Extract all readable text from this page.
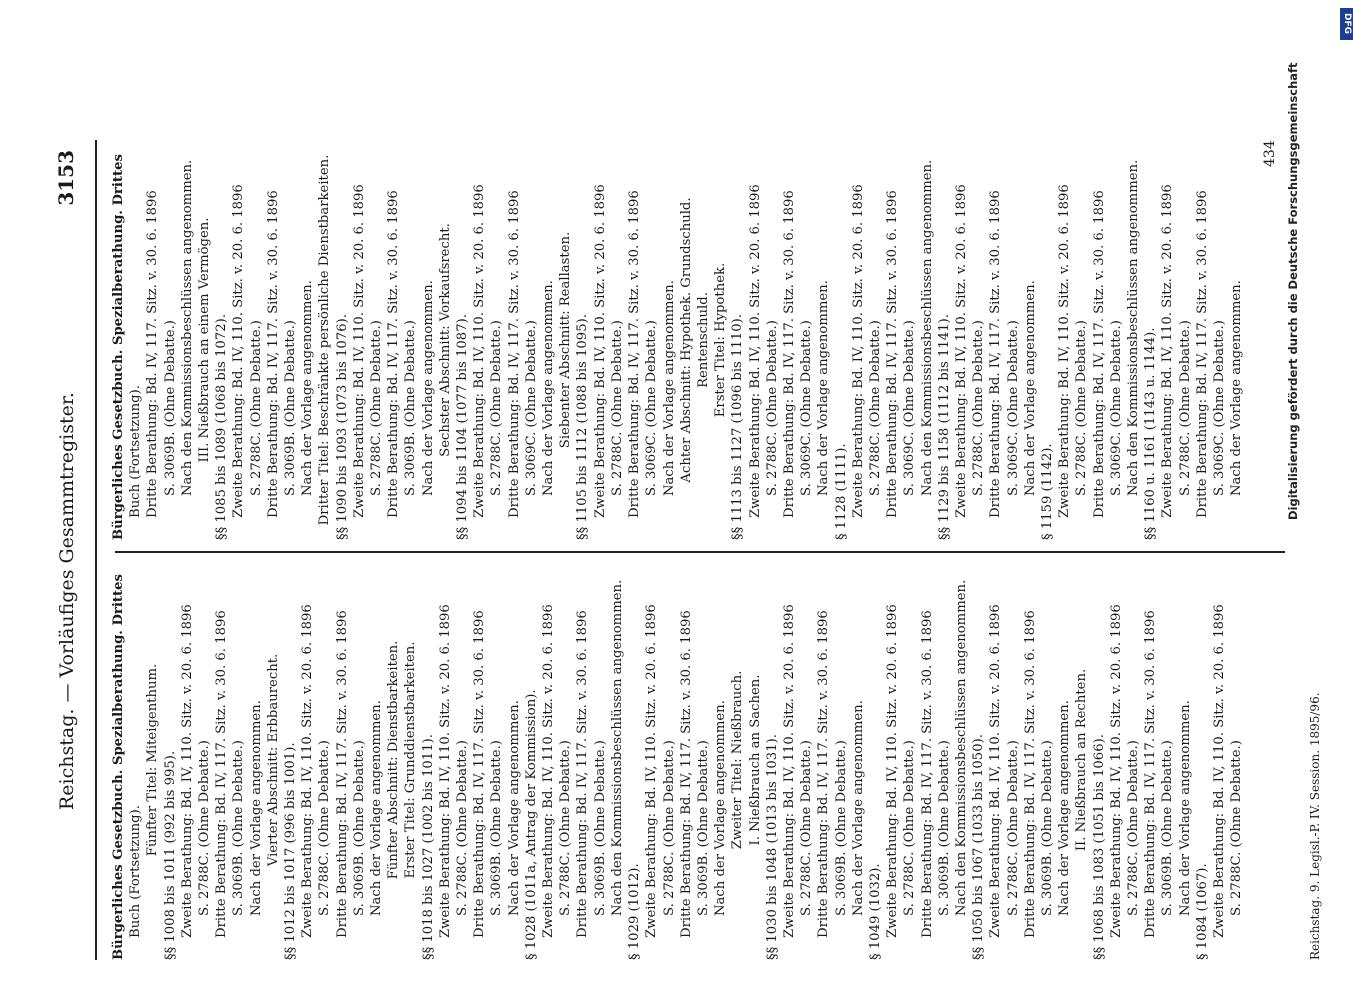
Reichstag. — Vorläufiges Gesammtregister.
3153
Bürgerliches Gesetzbuch. Spezialberathung. Drittes Buch (Fortsetzung).
Fünfter Titel: Miteigenthum. §§ 1008 bis 1011 (992 bis 995). Zweite Berathung: Bd. IV, 110. Sitz. v. 20. 6. 1896 S. 2788C. (Ohne Debatte.) Dritte Berathung: Bd. IV, 117. Sitz. v. 30. 6. 1896 S. 3069B. (Ohne Debatte.) Nach der Vorlage angenommen. Vierter Abschnitt: Erbbaurecht. §§ 1012 bis 1017 (996 bis 1001). Zweite Berathung: Bd. IV, 110. Sitz. v. 20. 6. 1896 S. 2788C. (Ohne Debatte.) Dritte Berathung: Bd. IV, 117. Sitz. v. 30. 6. 1896 S. 3069B. (Ohne Debatte.) Nach der Vorlage angenommen. Fünfter Abschnitt: Dienstbarkeiten. Erster Titel: Grunddienstbarkeiten. §§ 1018 bis 1027 (1002 bis 1011). Zweite Berathung: Bd. IV, 110. Sitz. v. 20. 6. 1896 S. 2788C. (Ohne Debatte.) Dritte Berathung: Bd. IV, 117. Sitz. v. 30. 6. 1896 S. 3069B. (Ohne Debatte.) Nach der Vorlage angenommen. § 1028 (1011a, Antrag der Kommission). Zweite Berathung: Bd. IV, 110. Sitz. v. 20. 6. 1896 S. 2788C. (Ohne Debatte.) Dritte Berathung: Bd. IV, 117. Sitz. v. 30. 6. 1896 S. 3069B. (Ohne Debatte.) Nach den Kommissionsbeschlüssen angenommen. § 1029 (1012). Zweite Berathung: Bd. IV, 110. Sitz. v. 20. 6. 1896 S. 2788C. (Ohne Debatte.) Dritte Berathung: Bd. IV, 117. Sitz. v. 30. 6. 1896 S. 3069B. (Ohne Debatte.) Nach der Vorlage angenommen. Zweiter Titel: Nießbrauch. I. Nießbrauch an Sachen. §§ 1030 bis 1048 (1013 bis 1031). Zweite Berathung: Bd. IV, 110. Sitz. v. 20. 6. 1896 S. 2788C. (Ohne Debatte.) Dritte Berathung: Bd. IV, 117. Sitz. v. 30. 6. 1896 S. 3069B. (Ohne Debatte.) Nach der Vorlage angenommen. § 1049 (1032). Zweite Berathung: Bd. IV, 110. Sitz. v. 20. 6. 1896 S. 2788C. (Ohne Debatte.) Dritte Berathung: Bd. IV, 117. Sitz. v. 30. 6. 1896 S. 3069B. (Ohne Debatte.) Nach den Kommissionsbeschlüssen angenommen. §§ 1050 bis 1067 (1033 bis 1050). Zweite Berathung: Bd. IV, 110. Sitz. v. 20. 6. 1896 S. 2788C. (Ohne Debatte.) Dritte Berathung: Bd. IV, 117. Sitz. v. 30. 6. 1896 S. 3069B. (Ohne Debatte.) Nach der Vorlage angenommen. II. Nießbrauch an Rechten. §§ 1068 bis 1083 (1051 bis 1066). Zweite Berathung: Bd. IV, 110. Sitz. v. 20. 6. 1896 S. 2788C. (Ohne Debatte.) Dritte Berathung: Bd. IV, 117. Sitz. v. 30. 6. 1896 S. 3069B. (Ohne Debatte.) Nach der Vorlage angenommen. § 1084 (1067). Zweite Berathung: Bd. IV, 110. Sitz. v. 20. 6. 1896 S. 2788C. (Ohne Debatte.)
Bürgerliches Gesetzbuch. Spezialberathung. Drittes Buch (Fortsetzung). Dritte Berathung: Bd. IV, 117. Sitz. v. 30. 6. 1896 S. 3069B. (Ohne Debatte.) Nach den Kommissionsbeschlüssen angenommen. III. Nießbrauch an einem Vermögen. §§ 1085 bis 1089 (1068 bis 1072). Zweite Berathung: Bd. IV, 110. Sitz. v. 20. 6. 1896 S. 2788C. (Ohne Debatte.) Dritte Berathung: Bd. IV, 117. Sitz. v. 30. 6. 1896 S. 3069B. (Ohne Debatte.) Nach der Vorlage angenommen. Dritter Titel: Beschränkte persönliche Dienstbarkeiten. §§ 1090 bis 1093 (1073 bis 1076). Zweite Berathung: Bd. IV, 110. Sitz. v. 20. 6. 1896 S. 2788C. (Ohne Debatte.) Dritte Berathung: Bd. IV, 117. Sitz. v. 30. 6. 1896 S. 3069B. (Ohne Debatte.) Nach der Vorlage angenommen. Sechster Abschnitt: Vorkaufsrecht. §§ 1094 bis 1104 (1077 bis 1087). Zweite Berathung: Bd. IV, 110. Sitz. v. 20. 6. 1896 S. 2788C. (Ohne Debatte.) Dritte Berathung: Bd. IV, 117. Sitz. v. 30. 6. 1896 S. 3069C. (Ohne Debatte.) Nach der Vorlage angenommen. Siebenter Abschnitt: Reallasten. §§ 1105 bis 1112 (1088 bis 1095). Zweite Berathung: Bd. IV, 110. Sitz. v. 20. 6. 1896 S. 2788C. (Ohne Debatte.) Dritte Berathung: Bd. IV, 117. Sitz. v. 30. 6. 1896 S. 3069C. (Ohne Debatte.) Nach der Vorlage angenommen. Achter Abschnitt: Hypothek. Grundschuld. Rentenschuld. Erster Titel: Hypothek. §§ 1113 bis 1127 (1096 bis 1110). Zweite Berathung: Bd. IV, 110. Sitz. v. 20. 6. 1896 S. 2788C. (Ohne Debatte.) Dritte Berathung: Bd. IV, 117. Sitz. v. 30. 6. 1896 S. 3069C. (Ohne Debatte.) Nach der Vorlage angenommen. § 1128 (1111). Zweite Berathung: Bd. IV, 110. Sitz. v. 20. 6. 1896 S. 2788C. (Ohne Debatte.) Dritte Berathung: Bd. IV, 117. Sitz. v. 30. 6. 1896 S. 3069C. (Ohne Debatte.) Nach den Kommissionsbeschlüssen angenommen. §§ 1129 bis 1158 (1112 bis 1141). Zweite Berathung: Bd. IV, 110. Sitz. v. 20. 6. 1896 S. 2788C. (Ohne Debatte.) Dritte Berathung: Bd. IV, 117. Sitz. v. 30. 6. 1896 S. 3069C. (Ohne Debatte.) Nach der Vorlage angenommen. § 1159 (1142). Zweite Berathung: Bd. IV, 110. Sitz. v. 20. 6. 1896 S. 2788C. (Ohne Debatte.) Dritte Berathung: Bd. IV, 117. Sitz. v. 30. 6. 1896 S. 3069C. (Ohne Debatte.) Nach den Kommissionsbeschlüssen angenommen. §§ 1160 u. 1161 (1143 u. 1144). Zweite Berathung: Bd. IV, 110. Sitz. v. 20. 6. 1896 S. 2788C. (Ohne Debatte.) Dritte Berathung: Bd. IV, 117. Sitz. v. 30. 6. 1896 S. 3069C. (Ohne Debatte.) Nach der Vorlage angenommen.
Reichstag. 9. Legisl.-P. IV. Session. 1895/96.
434 Digitalisierung gefördert durch die Deutsche Forschungsgemeinschaft
DFG
